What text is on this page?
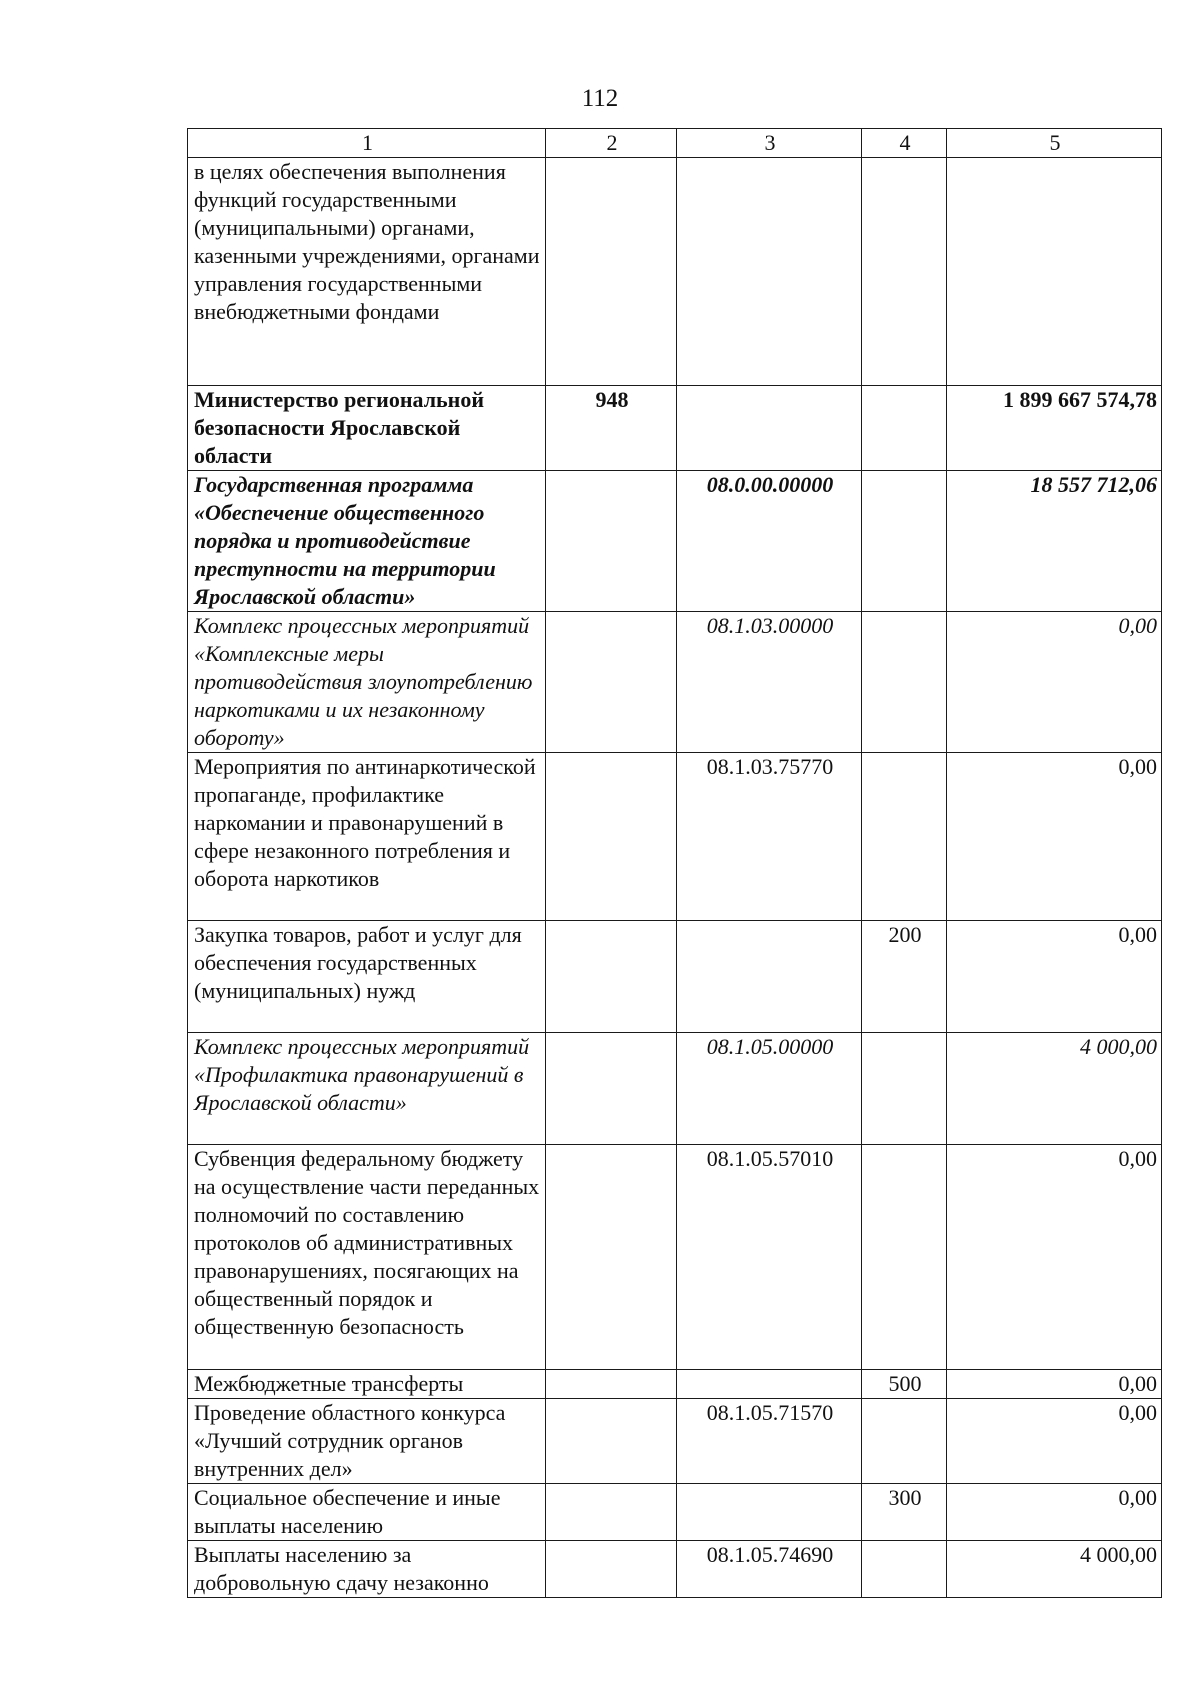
112
1	2	3	4	5
в целях обеспечения выполнения функций государственными (муниципальными) органами, казенными учреждениями, органами управления государственными внебюджетными фондами				
Министерство региональной безопасности Ярославской области	948			1 899 667 574,78
Государственная программа «Обеспечение общественного порядка и противодействие преступности на территории Ярославской области»		08.0.00.00000		18 557 712,06
Комплекс процессных мероприятий «Комплексные меры противодействия злоупотреблению наркотиками и их незаконному обороту»		08.1.03.00000		0,00
Мероприятия по антинаркотической пропаганде, профилактике наркомании и правонарушений в сфере незаконного потребления и оборота наркотиков		08.1.03.75770		0,00
Закупка товаров, работ и услуг для обеспечения государственных (муниципальных) нужд			200	0,00
Комплекс процессных мероприятий «Профилактика правонарушений в Ярославской области»		08.1.05.00000		4 000,00
Субвенция федеральному бюджету на осуществление части переданных полномочий по составлению протоколов об административных правонарушениях, посягающих на общественный порядок и общественную безопасность		08.1.05.57010		0,00
Межбюджетные трансферты			500	0,00
Проведение областного конкурса «Лучший сотрудник органов внутренних дел»		08.1.05.71570		0,00
Социальное обеспечение и иные выплаты населению			300	0,00
Выплаты населению за добровольную сдачу незаконно		08.1.05.74690		4 000,00
